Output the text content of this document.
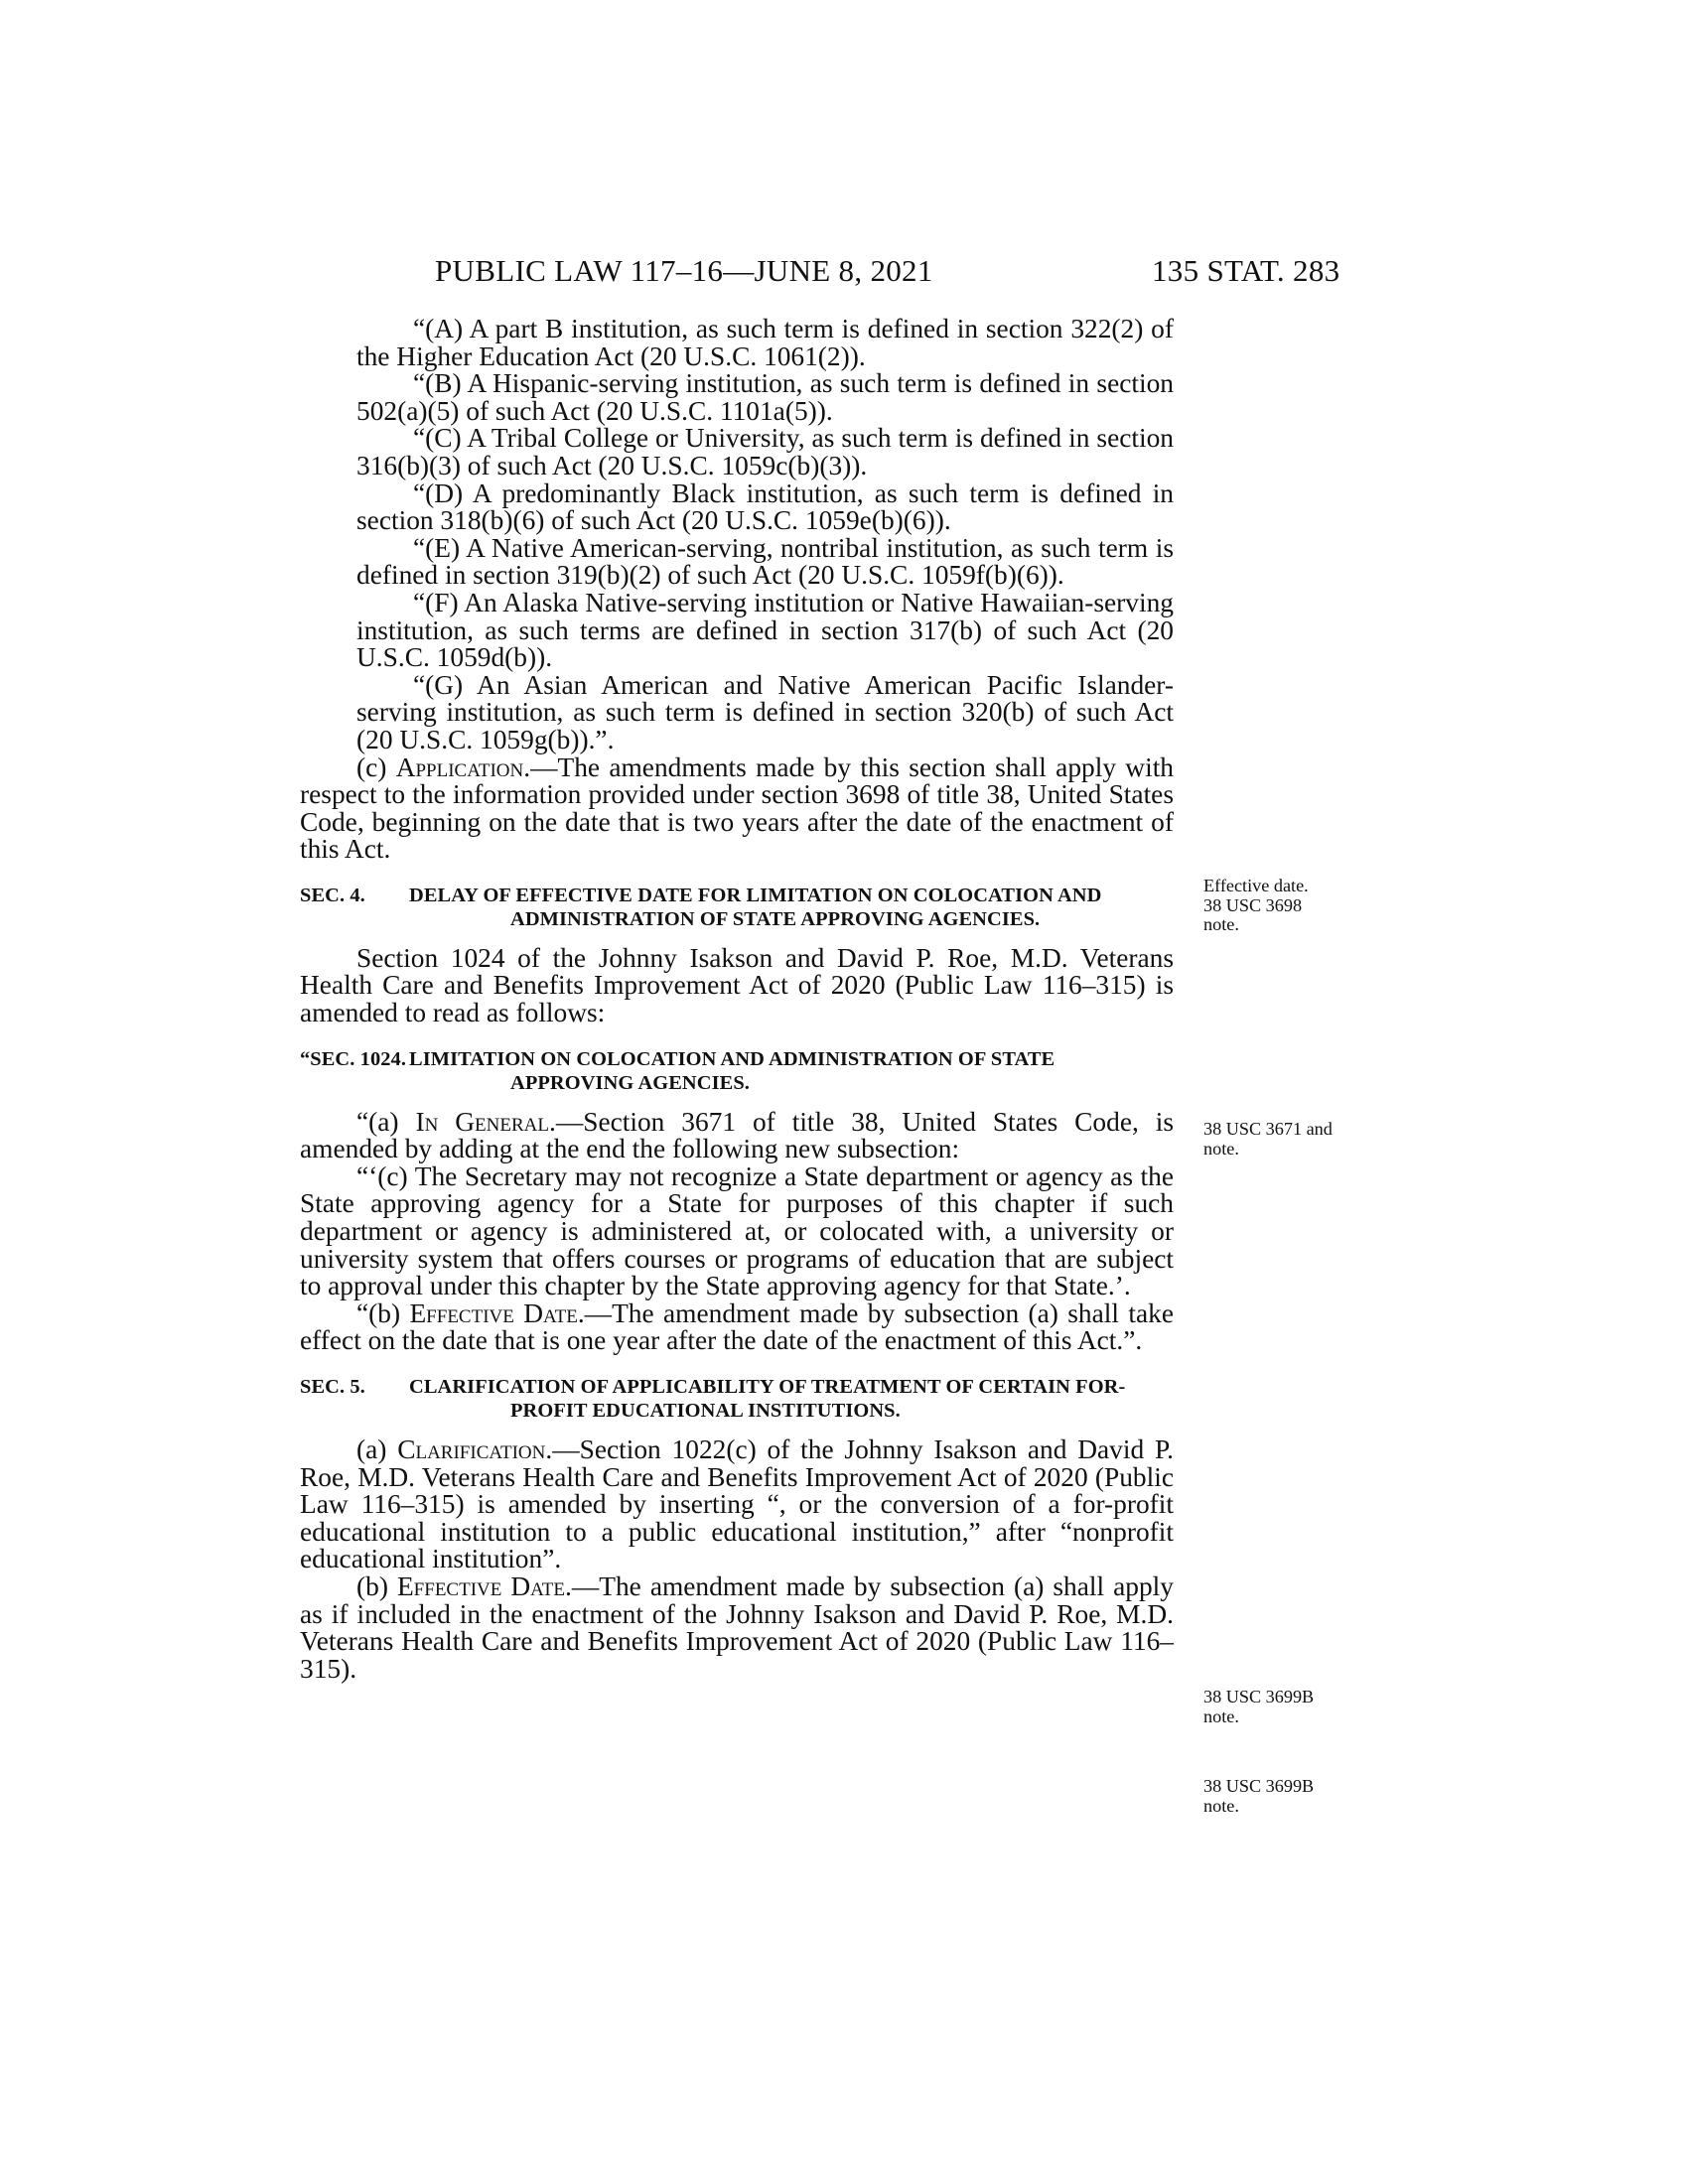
PUBLIC LAW 117–16—JUNE 8, 2021	135 STAT. 283

“(A) A part B institution, as such term is defined in section 322(2) of the Higher Education Act (20 U.S.C. 1061(2)).

“(B) A Hispanic-serving institution, as such term is defined in section 502(a)(5) of such Act (20 U.S.C. 1101a(5)).

“(C) A Tribal College or University, as such term is defined in section 316(b)(3) of such Act (20 U.S.C. 1059c(b)(3)).

“(D) A predominantly Black institution, as such term is defined in section 318(b)(6) of such Act (20 U.S.C. 1059e(b)(6)).

“(E) A Native American-serving, nontribal institution, as such term is defined in section 319(b)(2) of such Act (20 U.S.C. 1059f(b)(6)).

“(F) An Alaska Native-serving institution or Native Hawaiian-serving institution, as such terms are defined in section 317(b) of such Act (20 U.S.C. 1059d(b)).

“(G) An Asian American and Native American Pacific Islander-serving institution, as such term is defined in section 320(b) of such Act (20 U.S.C. 1059g(b)).”.

(c) Application.—The amendments made by this section shall apply with respect to the information provided under section 3698 of title 38, United States Code, beginning on the date that is two years after the date of the enactment of this Act.

SEC. 4. DELAY OF EFFECTIVE DATE FOR LIMITATION ON COLOCATION AND ADMINISTRATION OF STATE APPROVING AGENCIES.

Section 1024 of the Johnny Isakson and David P. Roe, M.D. Veterans Health Care and Benefits Improvement Act of 2020 (Public Law 116–315) is amended to read as follows:

“SEC. 1024. LIMITATION ON COLOCATION AND ADMINISTRATION OF STATE APPROVING AGENCIES.

“(a) In General.—Section 3671 of title 38, United States Code, is amended by adding at the end the following new subsection:

“‘(c) The Secretary may not recognize a State department or agency as the State approving agency for a State for purposes of this chapter if such department or agency is administered at, or colocated with, a university or university system that offers courses or programs of education that are subject to approval under this chapter by the State approving agency for that State.’.

“(b) Effective Date.—The amendment made by subsection (a) shall take effect on the date that is one year after the date of the enactment of this Act.”.

SEC. 5. CLARIFICATION OF APPLICABILITY OF TREATMENT OF CERTAIN FOR-PROFIT EDUCATIONAL INSTITUTIONS.

(a) Clarification.—Section 1022(c) of the Johnny Isakson and David P. Roe, M.D. Veterans Health Care and Benefits Improvement Act of 2020 (Public Law 116–315) is amended by inserting “, or the conversion of a for-profit educational institution to a public educational institution,” after “nonprofit educational institution”.

(b) Effective Date.—The amendment made by subsection (a) shall apply as if included in the enactment of the Johnny Isakson and David P. Roe, M.D. Veterans Health Care and Benefits Improvement Act of 2020 (Public Law 116–315).

Effective date.
38 USC 3698
note.
38 USC 3671 and
note.
38 USC 3699B
note.
38 USC 3699B
note.
